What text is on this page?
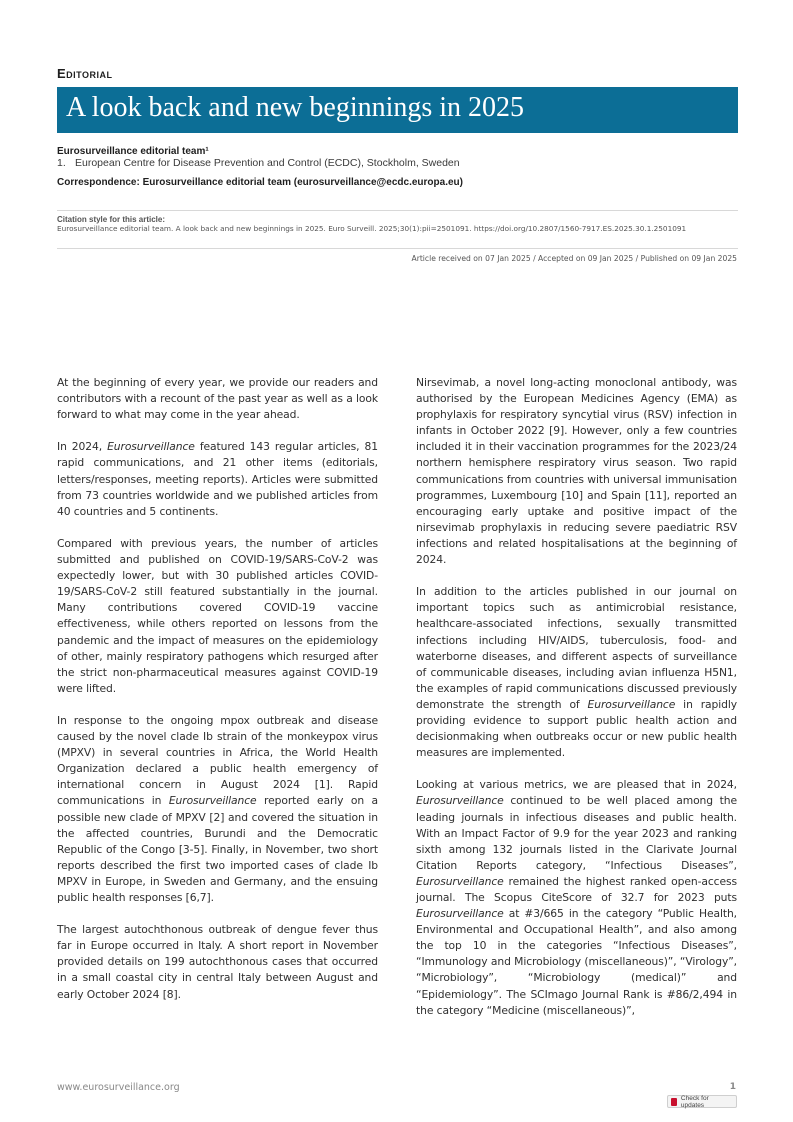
Editorial
A look back and new beginnings in 2025
Eurosurveillance editorial team¹
1. European Centre for Disease Prevention and Control (ECDC), Stockholm, Sweden
Correspondence: Eurosurveillance editorial team (eurosurveillance@ecdc.europa.eu)
Citation style for this article:
Eurosurveillance editorial team. A look back and new beginnings in 2025. Euro Surveill. 2025;30(1):pii=2501091. https://doi.org/10.2807/1560-7917.ES.2025.30.1.2501091
Article received on 07 Jan 2025 / Accepted on 09 Jan 2025 / Published on 09 Jan 2025

At the beginning of every year, we provide our readers and contributors with a recount of the past year as well as a look forward to what may come in the year ahead.

In 2024, Eurosurveillance featured 143 regular articles, 81 rapid communications, and 21 other items (editorials, letters/responses, meeting reports). Articles were submitted from 73 countries worldwide and we published articles from 40 countries and 5 continents.

Compared with previous years, the number of articles submitted and published on COVID-19/SARS-CoV-2 was expectedly lower, but with 30 published articles COVID-19/SARS-CoV-2 still featured substantially in the journal. Many contributions covered COVID-19 vaccine effectiveness, while others reported on lessons from the pandemic and the impact of measures on the epidemiology of other, mainly respiratory pathogens which resurged after the strict non-pharmaceutical measures against COVID-19 were lifted.

In response to the ongoing mpox outbreak and disease caused by the novel clade Ib strain of the monkeypox virus (MPXV) in several countries in Africa, the World Health Organization declared a public health emergency of international concern in August 2024 [1]. Rapid communications in Eurosurveillance reported early on a possible new clade of MPXV [2] and covered the situation in the affected countries, Burundi and the Democratic Republic of the Congo [3-5]. Finally, in November, two short reports described the first two imported cases of clade Ib MPXV in Europe, in Sweden and Germany, and the ensuing public health responses [6,7].

The largest autochthonous outbreak of dengue fever thus far in Europe occurred in Italy. A short report in November provided details on 199 autochthonous cases that occurred in a small coastal city in central Italy between August and early October 2024 [8].

Nirsevimab, a novel long-acting monoclonal antibody, was authorised by the European Medicines Agency (EMA) as prophylaxis for respiratory syncytial virus (RSV) infection in infants in October 2022 [9]. However, only a few countries included it in their vaccination programmes for the 2023/24 northern hemisphere respiratory virus season. Two rapid communications from countries with universal immunisation programmes, Luxembourg [10] and Spain [11], reported an encouraging early uptake and positive impact of the nirsevimab prophylaxis in reducing severe paediatric RSV infections and related hospitalisations at the beginning of 2024.

In addition to the articles published in our journal on important topics such as antimicrobial resistance, healthcare-associated infections, sexually transmitted infections including HIV/AIDS, tuberculosis, food- and waterborne diseases, and different aspects of surveillance of communicable diseases, including avian influenza H5N1, the examples of rapid communications discussed previously demonstrate the strength of Eurosurveillance in rapidly providing evidence to support public health action and decisionmaking when outbreaks occur or new public health measures are implemented.

Looking at various metrics, we are pleased that in 2024, Eurosurveillance continued to be well placed among the leading journals in infectious diseases and public health. With an Impact Factor of 9.9 for the year 2023 and ranking sixth among 132 journals listed in the Clarivate Journal Citation Reports category, “Infectious Diseases”, Eurosurveillance remained the highest ranked open-access journal. The Scopus CiteScore of 32.7 for 2023 puts Eurosurveillance at #3/665 in the category “Public Health, Environmental and Occupational Health”, and also among the top 10 in the categories “Infectious Diseases”, “Immunology and Microbiology (miscellaneous)”, “Virology”, “Microbiology”, “Microbiology (medical)” and “Epidemiology”. The SCImago Journal Rank is #86/2,494 in the category “Medicine (miscellaneous)”,

www.eurosurveillance.org	1
Check for updates
